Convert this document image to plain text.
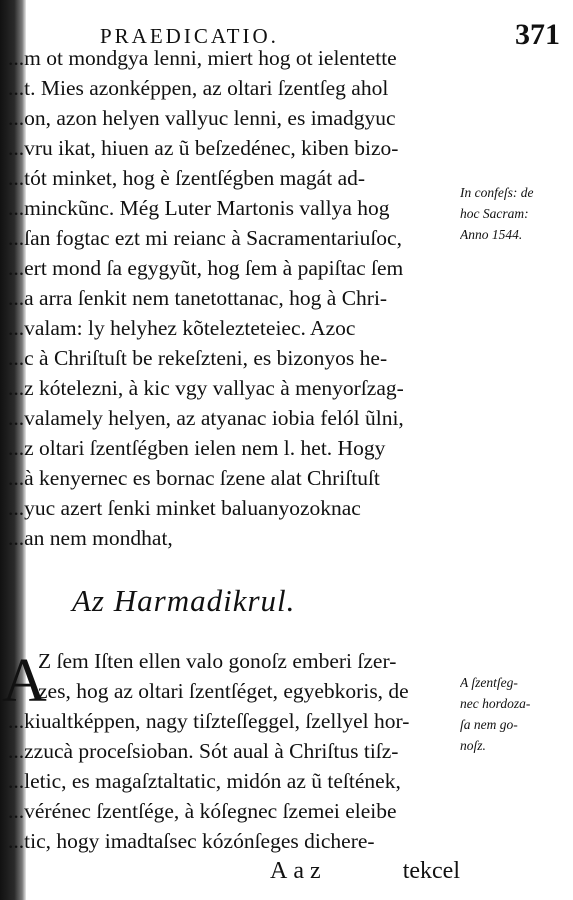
PRAEDICATIO.	371
...m ot mondgya lenni, miert hog ot ielentette
...t. Mies azonképpen, az oltari ſzentſeg ahol
...on, azon helyen vallyuc lenni, es imadgyuc
...vru ikat, hiuen az ũ beſzedénec, kiben bizo-
...tót minket, hog è ſzentſégben magát ad-
...minckũnc. Még Luter Martonis vallya hog
...ſan fogtac ezt mi reianc à Sacramentariuſoc,
...ert mond ſa egygyũt, hog ſem à papiſtac ſem
...a arra ſenkit nem tanetottanac, hog à Chri-
...valam: ly helyhez kõtelezteteiec. Azoc
...c à Chriſtuſt be rekeſzteni, es bizonyos he-
...z kótelezni, à kic vgy vallyac à menyorſzag-
...valamely helyen, az atyanac iobia felól ũlni,
...z oltari ſzentſégben ielen nem l. het. Hogy
...à kenyernec es bornac ſzene alat Chriſtuſt
...yuc azert ſenki minket baluanyozoknac
...an nem mondhat,
Az Harmadikrul.
A
Z ſem Iſten ellen valo gonoſz emberi ſzer-
zes, hog az oltari ſzentſéget, egyebkoris, de
...kiualtképpen, nagy tiſzteſſeggel, ſzellyel hor-
...zzucà proceſsioban. Sót aual à Chriſtus tiſz-
...letic, es magaſztaltatic, midón az ũ teſtének,
...vérénec ſzentſége, à kóſegnec ſzemei eleibe
...tic, hogy imadtaſsec kózónſeges dichere-
Aaz	tekcel
In confeſs: de
hoc Sacram:
Anno 1544.
A ſzentſeg-
nec hordoza-
ſa nem go-
noſz.
